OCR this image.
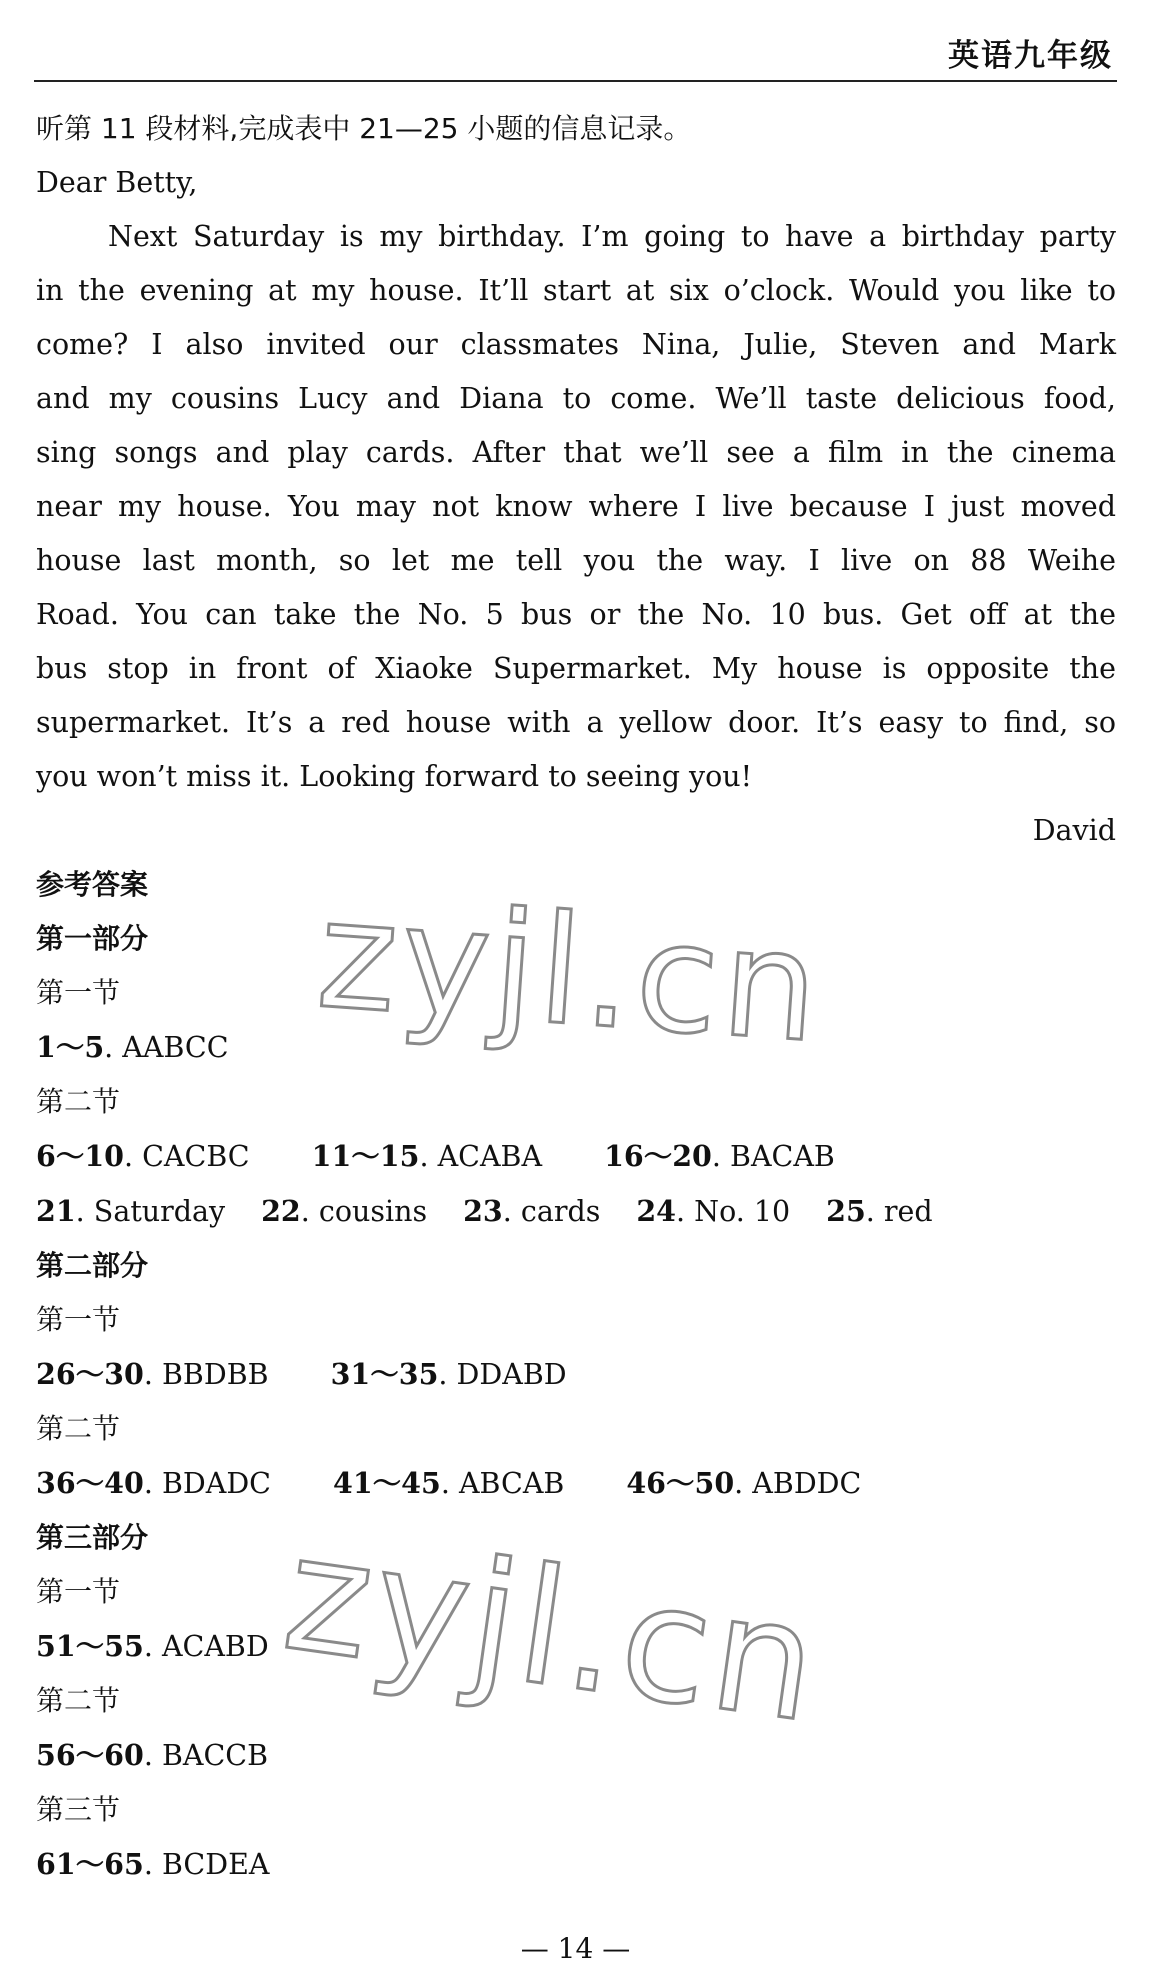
英语九年级
zyjl.cn
zyjl.cn
听第 11 段材料,完成表中 21—25 小题的信息记录。
Dear Betty,
Next Saturday is my birthday. I’m going to have a birthday party
in the evening at my house. It’ll start at six o’clock. Would you like to
come? I also invited our classmates Nina, Julie, Steven and Mark
and my cousins Lucy and Diana to come. We’ll taste delicious food,
sing songs and play cards. After that we’ll see a film in the cinema
near my house. You may not know where I live because I just moved
house last month, so let me tell you the way. I live on 88 Weihe
Road. You can take the No. 5 bus or the No. 10 bus. Get off at the
bus stop in front of Xiaoke Supermarket. My house is opposite the
supermarket. It’s a red house with a yellow door. It’s easy to find, so
you won’t miss it. Looking forward to seeing you!
David
参考答案
第一部分
第一节
1～5. AABCC
第二节
6～10. CACBC 11～15. ACABA 16～20. BACAB
21. Saturday 22. cousins 23. cards 24. No. 10 25. red
第二部分
第一节
26～30. BBDBB 31～35. DDABD
第二节
36～40. BDADC 41～45. ABCAB 46～50. ABDDC
第三部分
第一节
51～55. ACABD
第二节
56～60. BACCB
第三节
61～65. BCDEA
— 14 —
